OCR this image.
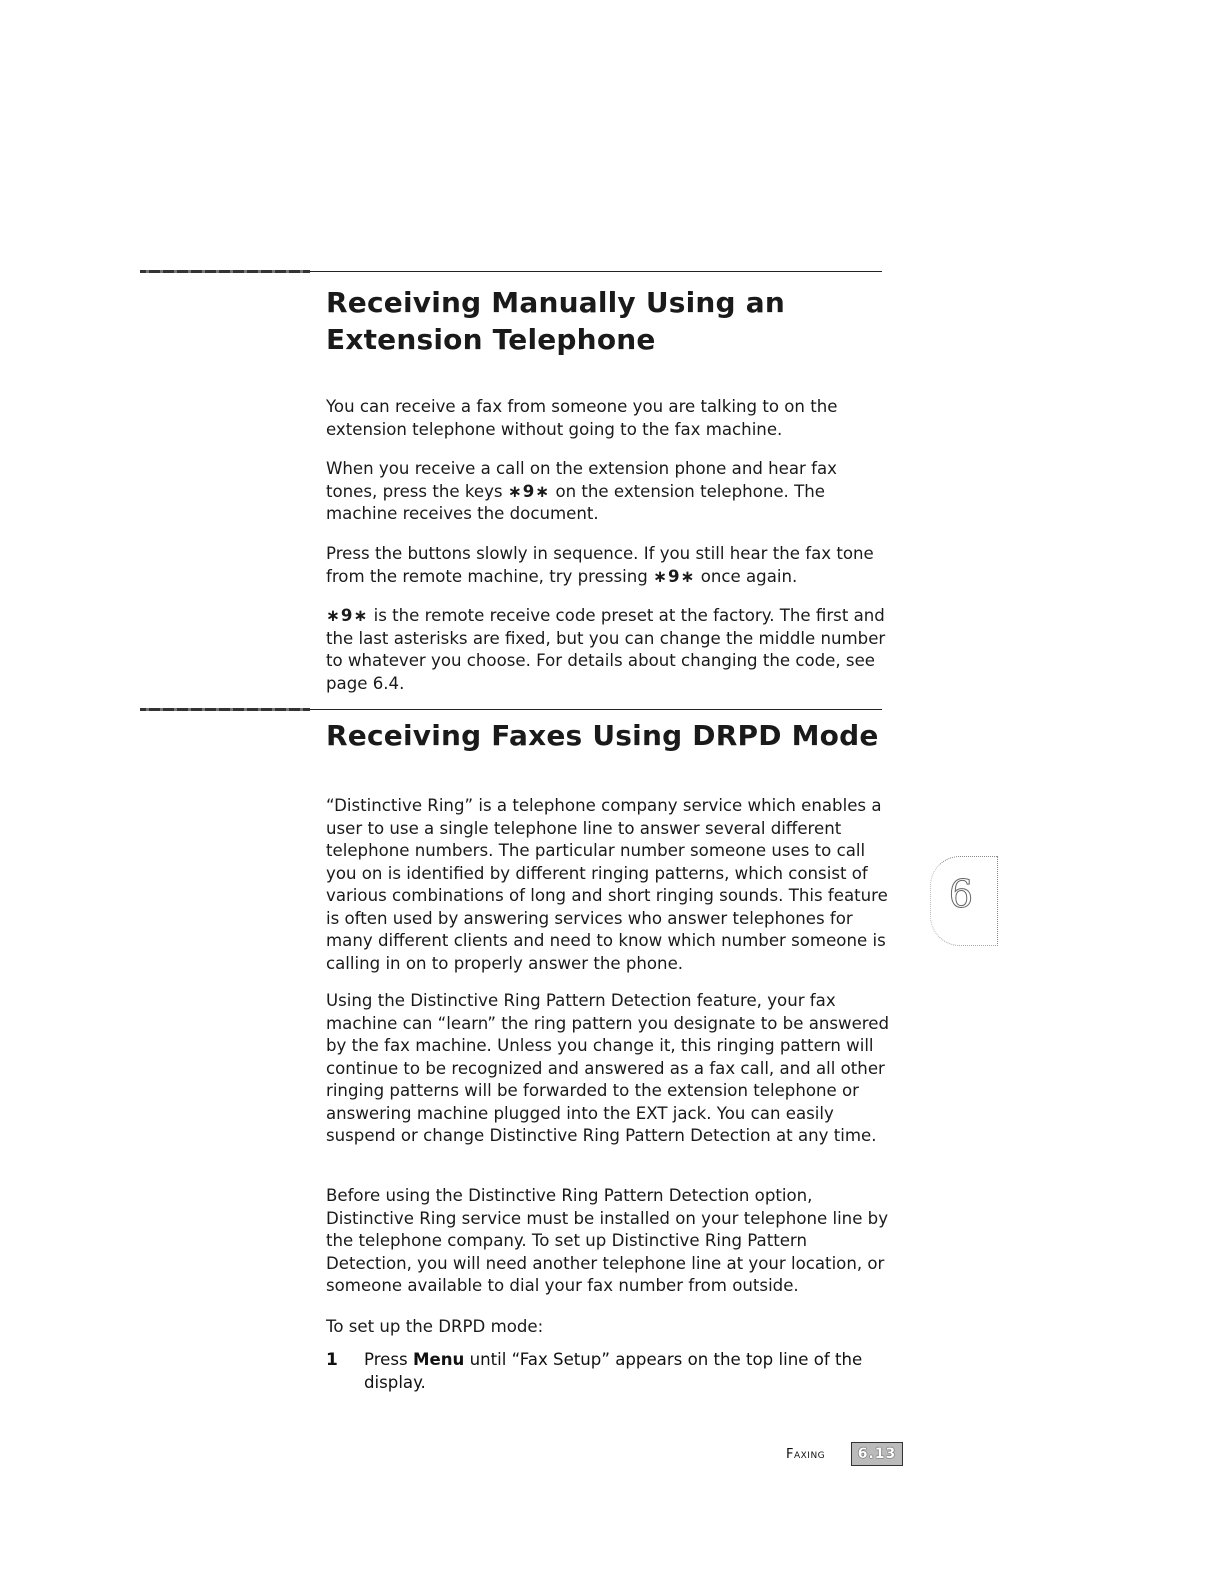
Receiving Manually Using an
Extension Telephone

You can receive a fax from someone you are talking to on the extension telephone without going to the fax machine.

When you receive a call on the extension phone and hear fax tones, press the keys ∗9∗ on the extension telephone. The machine receives the document.

Press the buttons slowly in sequence. If you still hear the fax tone from the remote machine, try pressing ∗9∗ once again.

∗9∗ is the remote receive code preset at the factory. The first and the last asterisks are fixed, but you can change the middle number to whatever you choose. For details about changing the code, see page 6.4.

Receiving Faxes Using DRPD Mode

“Distinctive Ring” is a telephone company service which enables a user to use a single telephone line to answer several different telephone numbers. The particular number someone uses to call you on is identified by different ringing patterns, which consist of various combinations of long and short ringing sounds. This feature is often used by answering services who answer telephones for many different clients and need to know which number someone is calling in on to properly answer the phone.

Using the Distinctive Ring Pattern Detection feature, your fax machine can “learn” the ring pattern you designate to be answered by the fax machine. Unless you change it, this ringing pattern will continue to be recognized and answered as a fax call, and all other ringing patterns will be forwarded to the extension telephone or answering machine plugged into the EXT jack. You can easily suspend or change Distinctive Ring Pattern Detection at any time.

Before using the Distinctive Ring Pattern Detection option, Distinctive Ring service must be installed on your telephone line by the telephone company. To set up Distinctive Ring Pattern Detection, you will need another telephone line at your location, or someone available to dial your fax number from outside.

To set up the DRPD mode:

1 Press Menu until “Fax Setup” appears on the top line of the display.

6
Faxing	6.13
